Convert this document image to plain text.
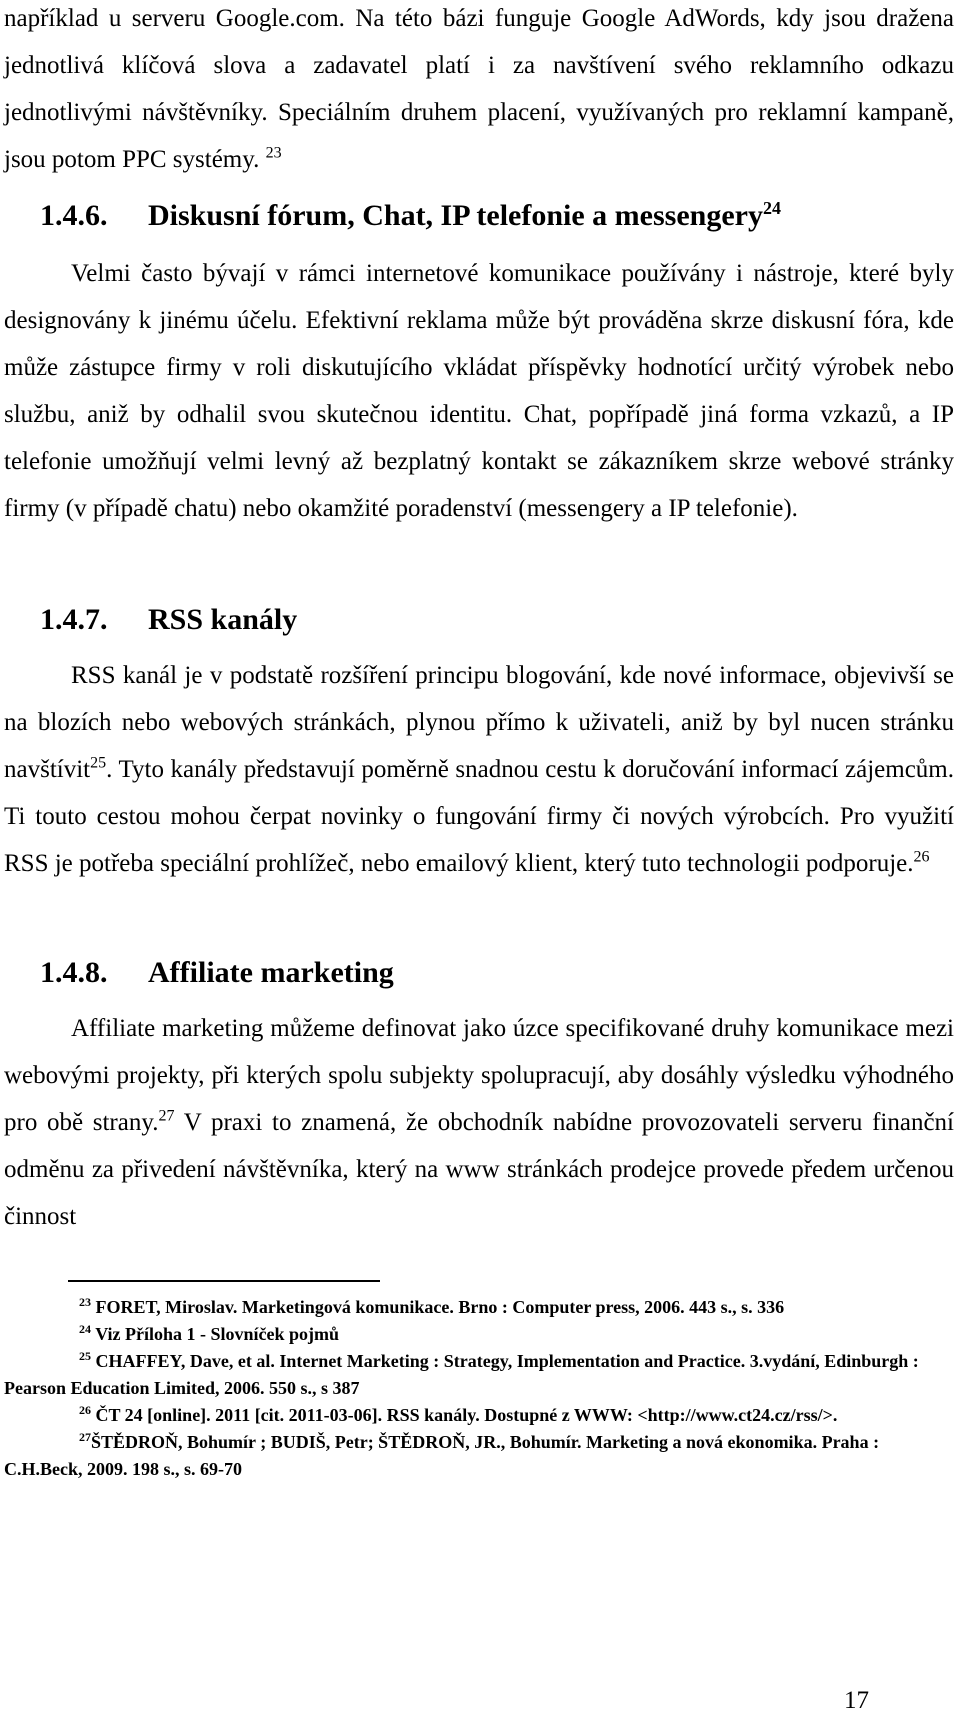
například u serveru Google.com. Na této bázi funguje Google AdWords, kdy jsou dražena jednotlivá klíčová slova a zadavatel platí i za navštívení svého reklamního odkazu jednotlivými návštěvníky. Speciálním druhem placení, využívaných pro reklamní kampaně, jsou potom PPC systémy. $^{23}$

1.4.6. Diskusní fórum, Chat, IP telefonie a messengery$^{24}$

Velmi často bývají v rámci internetové komunikace používány i nástroje, které byly designovány k jinému účelu. Efektivní reklama může být prováděna skrze diskusní fóra, kde může zástupce firmy v roli diskutujícího vkládat příspěvky hodnotící určitý výrobek nebo službu, aniž by odhalil svou skutečnou identitu. Chat, popřípadě jiná forma vzkazů, a IP telefonie umožňují velmi levný až bezplatný kontakt se zákazníkem skrze webové stránky firmy (v případě chatu) nebo okamžité poradenství (messengery a IP telefonie).

1.4.7. RSS kanály

RSS kanál je v podstatě rozšíření principu blogování, kde nové informace, objevivší se na blozích nebo webových stránkách, plynou přímo k uživateli, aniž by byl nucen stránku navštívit$^{25}$. Tyto kanály představují poměrně snadnou cestu k doručování informací zájemcům. Ti touto cestou mohou čerpat novinky o fungování firmy či nových výrobcích. Pro využití RSS je potřeba speciální prohlížeč, nebo emailový klient, který tuto technologii podporuje.$^{26}$

1.4.8. Affiliate marketing

Affiliate marketing můžeme definovat jako úzce specifikované druhy komunikace mezi webovými projekty, při kterých spolu subjekty spolupracují, aby dosáhly výsledku výhodného pro obě strany.$^{27}$ V praxi to znamená, že obchodník nabídne provozovateli serveru finanční odměnu za přivedení návštěvníka, který na www stránkách prodejce provede předem určenou činnost

$^{23}$ FORET, Miroslav. Marketingová komunikace. Brno : Computer press, 2006. 443 s., s. 336

$^{24}$ Viz Příloha 1 - Slovníček pojmů

$^{25}$ CHAFFEY, Dave, et al. Internet Marketing : Strategy, Implementation and Practice. 3.vydání, Edinburgh : Pearson Education Limited, 2006. 550 s., s 387

$^{26}$ ČT 24 [online]. 2011 [cit. 2011-03-06]. RSS kanály. Dostupné z WWW: <http://www.ct24.cz/rss/>.

$^{27}$ŠTĚDROŇ, Bohumír ; BUDIŠ, Petr; ŠTĚDROŇ, JR., Bohumír. Marketing a nová ekonomika. Praha : C.H.Beck, 2009. 198 s., s. 69-70

17
